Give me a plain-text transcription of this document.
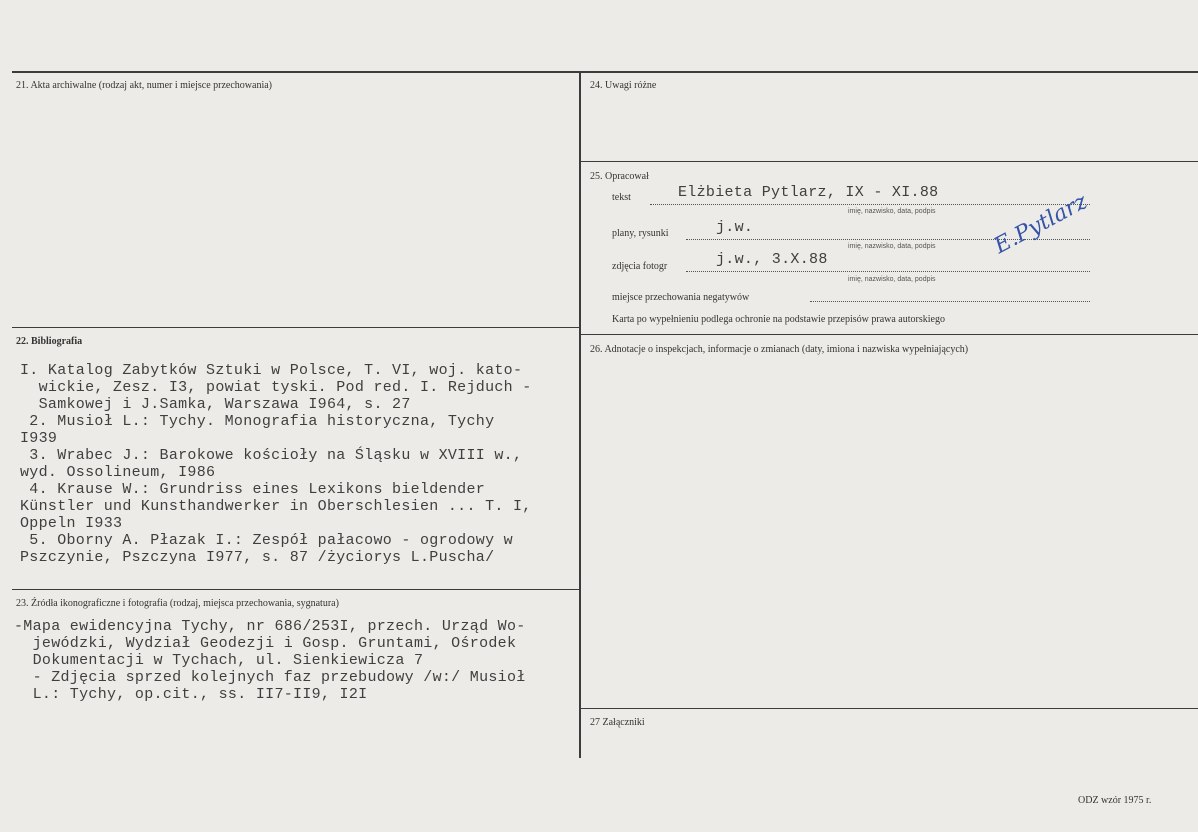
21. Akta archiwalne (rodzaj akt, numer i miejsce przechowania)
22. Bibliografia
I. Katalog Zabytków Sztuki w Polsce, T. VI, woj. kato-
wickie, Zesz. I3, powiat tyski. Pod red. I. Rejduch -
Samkowej i J.Samka, Warszawa I964, s. 27
2. Musioł L.: Tychy. Monografia historyczna, Tychy
I939
3. Wrabec J.: Barokowe kościoły na Śląsku w XVIII w.,
wyd. Ossolineum, I986
4. Krause W.: Grundriss eines Lexikons bieldender
Künstler und Kunsthandwerker in Oberschlesien ... T. I,
Oppeln I933
5. Oborny A. Płazak I.: Zespół pałacowo - ogrodowy w
Pszczynie, Pszczyna I977, s. 87 /życiorys L.Puscha/
23. Źródła ikonograficzne i fotografia (rodzaj, miejsca przechowania, sygnatura)
-Mapa ewidencyjna Tychy, nr 686/253I, przech. Urząd Wo-
jewódzki, Wydział Geodezji i Gosp. Gruntami, Ośrodek
Dokumentacji w Tychach, ul. Sienkiewicza 7
- Zdjęcia sprzed kolejnych faz przebudowy /w:/ Musioł
L.: Tychy, op.cit., ss. II7-II9, I2I
24. Uwagi różne
25. Opracował
tekst	Elżbieta Pytlarz, IX - XI.88
imię, nazwisko, data, podpis
plany, rysunki	j.w.
imię, nazwisko, data, podpis
zdjęcia fotogr	j.w., 3.X.88
imię, nazwisko, data, podpis
miejsce przechowania negatywów
Karta po wypełnieniu podlega ochronie na podstawie przepisów prawa autorskiego
E.Pytlarz
26. Adnotacje o inspekcjach, informacje o zmianach (daty, imiona i nazwiska wypełniających)
27 Załączniki
ODZ wzór 1975 r.
